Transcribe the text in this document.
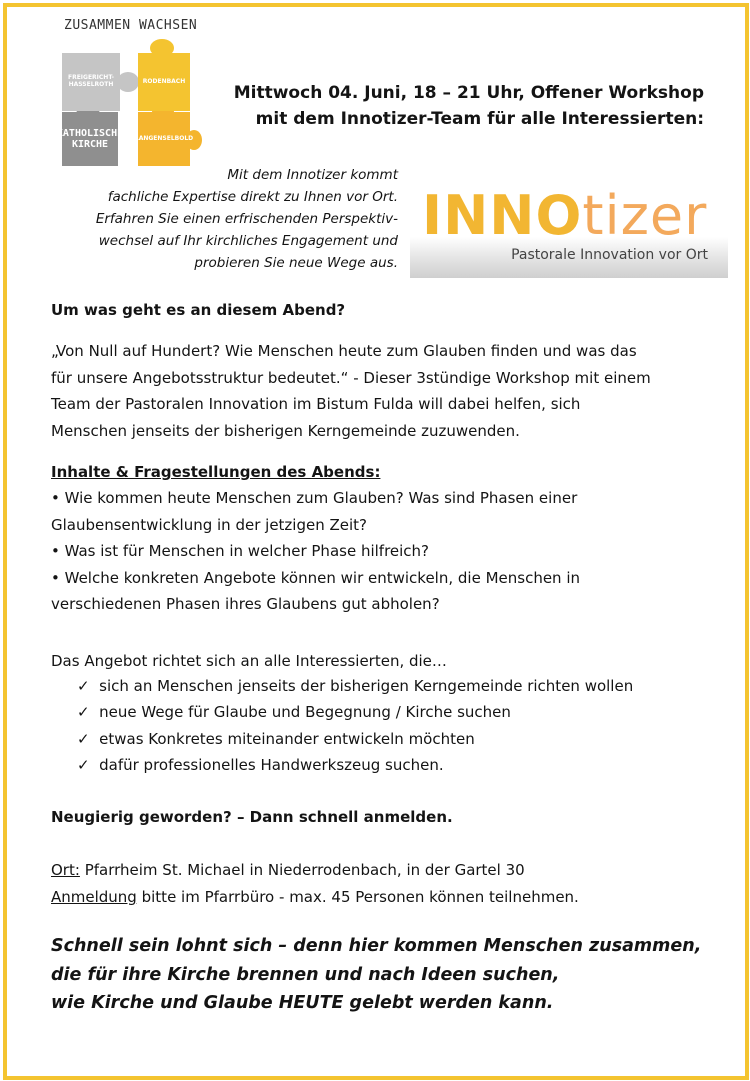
ZUSAMMEN WACHSEN
FREIGERICHT-HASSELROTH	RODENBACH
KATHOLISCHE KIRCHE
LANGENSELBOLD
Mittwoch 04. Juni, 18 – 21 Uhr, Offener Workshop
mit dem Innotizer-Team für alle Interessierten:
Mit dem Innotizer kommt
fachliche Expertise direkt zu Ihnen vor Ort.
Erfahren Sie einen erfrischenden Perspektiv-
wechsel auf Ihr kirchliches Engagement und
probieren Sie neue Wege aus.
INNOtizer
Pastorale Innovation vor Ort
Um was geht es an diesem Abend?
„Von Null auf Hundert? Wie Menschen heute zum Glauben finden und was das
für unsere Angebotsstruktur bedeutet.“ - Dieser 3stündige Workshop mit einem
Team der Pastoralen Innovation im Bistum Fulda will dabei helfen, sich
Menschen jenseits der bisherigen Kerngemeinde zuzuwenden.
Inhalte & Fragestellungen des Abends:
• Wie kommen heute Menschen zum Glauben? Was sind Phasen einer
Glaubensentwicklung in der jetzigen Zeit?
• Was ist für Menschen in welcher Phase hilfreich?
• Welche konkreten Angebote können wir entwickeln, die Menschen in
verschiedenen Phasen ihres Glaubens gut abholen?
Das Angebot richtet sich an alle Interessierten, die…
✓ sich an Menschen jenseits der bisherigen Kerngemeinde richten wollen
✓ neue Wege für Glaube und Begegnung / Kirche suchen
✓ etwas Konkretes miteinander entwickeln möchten
✓ dafür professionelles Handwerkszeug suchen.
Neugierig geworden? – Dann schnell anmelden.
Ort: Pfarrheim St. Michael in Niederrodenbach, in der Gartel 30
Anmeldung bitte im Pfarrbüro - max. 45 Personen können teilnehmen.
Schnell sein lohnt sich – denn hier kommen Menschen zusammen,
die für ihre Kirche brennen und nach Ideen suchen,
wie Kirche und Glaube HEUTE gelebt werden kann.
